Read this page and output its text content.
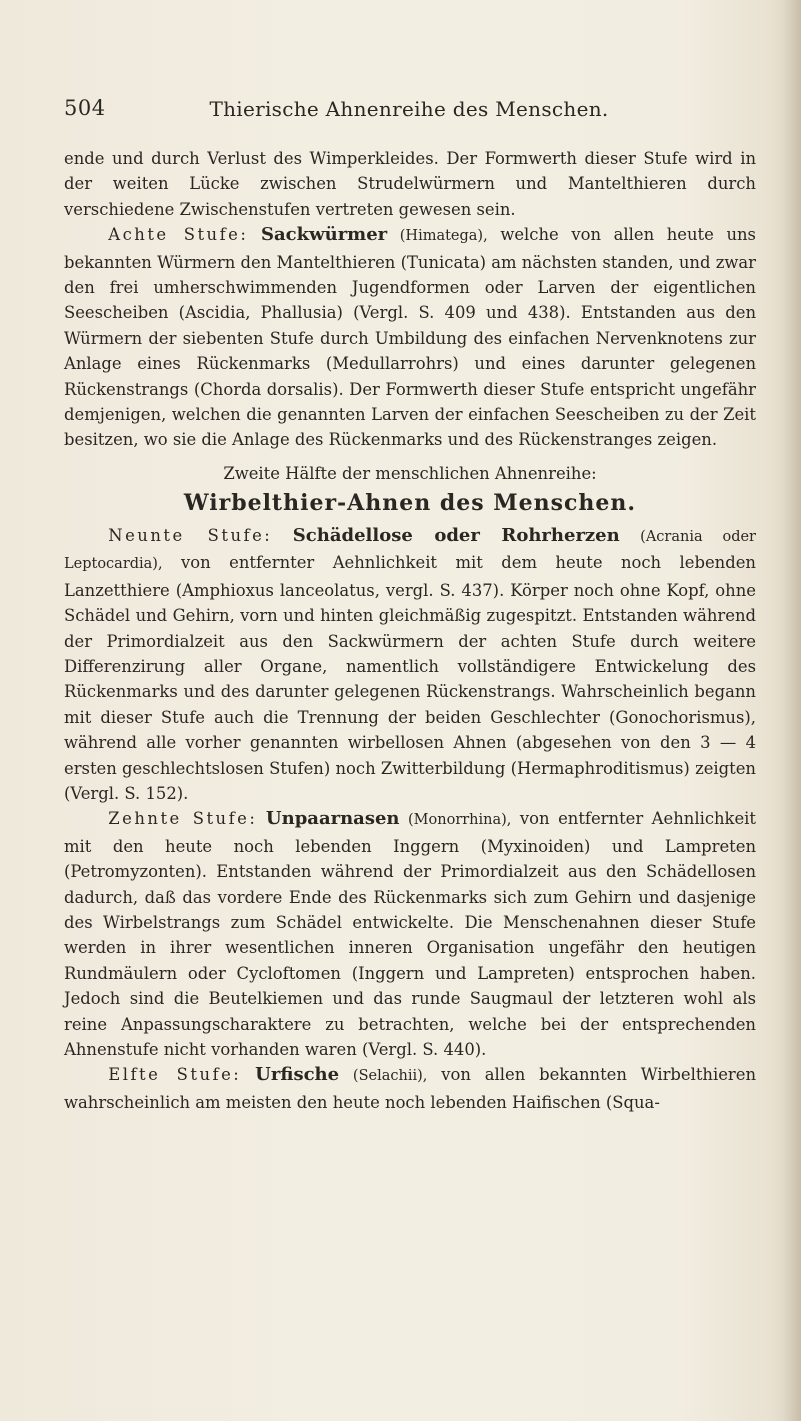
504	Thierische Ahnenreihe des Menschen.

ende und durch Verlust des Wimperkleides. Der Formwerth dieser Stufe wird in der weiten Lücke zwischen Strudelwürmern und Mantelthieren durch verschiedene Zwischenstufen vertreten gewesen sein.

Achte Stufe: Sackwürmer (Himatega), welche von allen heute uns bekannten Würmern den Mantelthieren (Tunicata) am nächsten standen, und zwar den frei umherschwimmenden Jugendformen oder Larven der eigentlichen Seescheiben (Ascidia, Phallusia) (Vergl. S. 409 und 438). Entstanden aus den Würmern der siebenten Stufe durch Umbildung des einfachen Nervenknotens zur Anlage eines Rückenmarks (Medullarrohrs) und eines darunter gelegenen Rückenstrangs (Chorda dorsalis). Der Formwerth dieser Stufe entspricht ungefähr demjenigen, welchen die genannten Larven der einfachen Seescheiben zu der Zeit besitzen, wo sie die Anlage des Rückenmarks und des Rückenstranges zeigen.

Zweite Hälfte der menschlichen Ahnenreihe:
Wirbelthier-Ahnen des Menschen.

Neunte Stufe: Schädellose oder Rohrherzen (Acrania oder Leptocardia), von entfernter Aehnlichkeit mit dem heute noch lebenden Lanzetthiere (Amphioxus lanceolatus, vergl. S. 437). Körper noch ohne Kopf, ohne Schädel und Gehirn, vorn und hinten gleichmäßig zugespitzt. Entstanden während der Primordialzeit aus den Sackwürmern der achten Stufe durch weitere Differenzirung aller Organe, namentlich vollständigere Entwickelung des Rückenmarks und des darunter gelegenen Rückenstrangs. Wahrscheinlich begann mit dieser Stufe auch die Trennung der beiden Geschlechter (Gonochorismus), während alle vorher genannten wirbellosen Ahnen (abgesehen von den 3 — 4 ersten geschlechtslosen Stufen) noch Zwitterbildung (Hermaphroditismus) zeigten (Vergl. S. 152).

Zehnte Stufe: Unpaarnasen (Monorrhina), von entfernter Aehnlichkeit mit den heute noch lebenden Inggern (Myxinoiden) und Lampreten (Petromyzonten). Entstanden während der Primordialzeit aus den Schädellosen dadurch, daß das vordere Ende des Rückenmarks sich zum Gehirn und dasjenige des Wirbelstrangs zum Schädel entwickelte. Die Menschenahnen dieser Stufe werden in ihrer wesentlichen inneren Organisation ungefähr den heutigen Rundmäulern oder Cycloftomen (Inggern und Lampreten) entsprochen haben. Jedoch sind die Beutelkiemen und das runde Saugmaul der letzteren wohl als reine Anpassungscharaktere zu betrachten, welche bei der entsprechenden Ahnenstufe nicht vorhanden waren (Vergl. S. 440).

Elfte Stufe: Urfische (Selachii), von allen bekannten Wirbelthieren wahrscheinlich am meisten den heute noch lebenden Haifischen (Squa-
